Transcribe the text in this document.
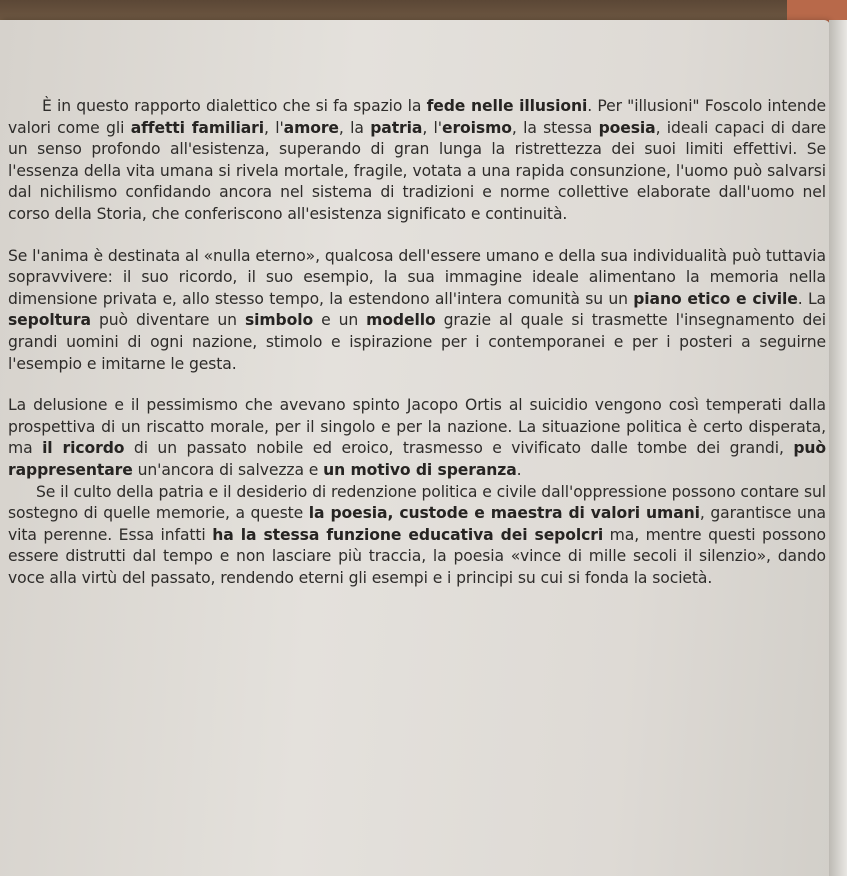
È in questo rapporto dialettico che si fa spazio la fede nelle illusioni. Per "illusioni" Foscolo intende valori come gli affetti familiari, l'amore, la patria, l'eroismo, la stessa poesia, ideali capaci di dare un senso profondo all'esistenza, superando di gran lunga la ristrettezza dei suoi limiti effettivi. Se l'essenza della vita umana si rivela mortale, fragile, votata a una rapida consunzione, l'uomo può salvarsi dal nichilismo confidando ancora nel sistema di tradizioni e norme collettive elaborate dall'uomo nel corso della Storia, che conferiscono all'esistenza significato e continuità.

Se l'anima è destinata al «nulla eterno», qualcosa dell'essere umano e della sua individualità può tuttavia sopravvivere: il suo ricordo, il suo esempio, la sua immagine ideale alimentano la memoria nella dimensione privata e, allo stesso tempo, la estendono all'intera comunità su un piano etico e civile. La sepoltura può diventare un simbolo e un modello grazie al quale si trasmette l'insegnamento dei grandi uomini di ogni nazione, stimolo e ispirazione per i contemporanei e per i posteri a seguirne l'esempio e imitarne le gesta.

La delusione e il pessimismo che avevano spinto Jacopo Ortis al suicidio vengono così temperati dalla prospettiva di un riscatto morale, per il singolo e per la nazione. La situazione politica è certo disperata, ma il ricordo di un passato nobile ed eroico, trasmesso e vivificato dalle tombe dei grandi, può rappresentare un'ancora di salvezza e un motivo di speranza.

Se il culto della patria e il desiderio di redenzione politica e civile dall'oppressione possono contare sul sostegno di quelle memorie, a queste la poesia, custode e maestra di valori umani, garantisce una vita perenne. Essa infatti ha la stessa funzione educativa dei sepolcri ma, mentre questi possono essere distrutti dal tempo e non lasciare più traccia, la poesia «vince di mille secoli il silenzio», dando voce alla virtù del passato, rendendo eterni gli esempi e i principi su cui si fonda la società.
